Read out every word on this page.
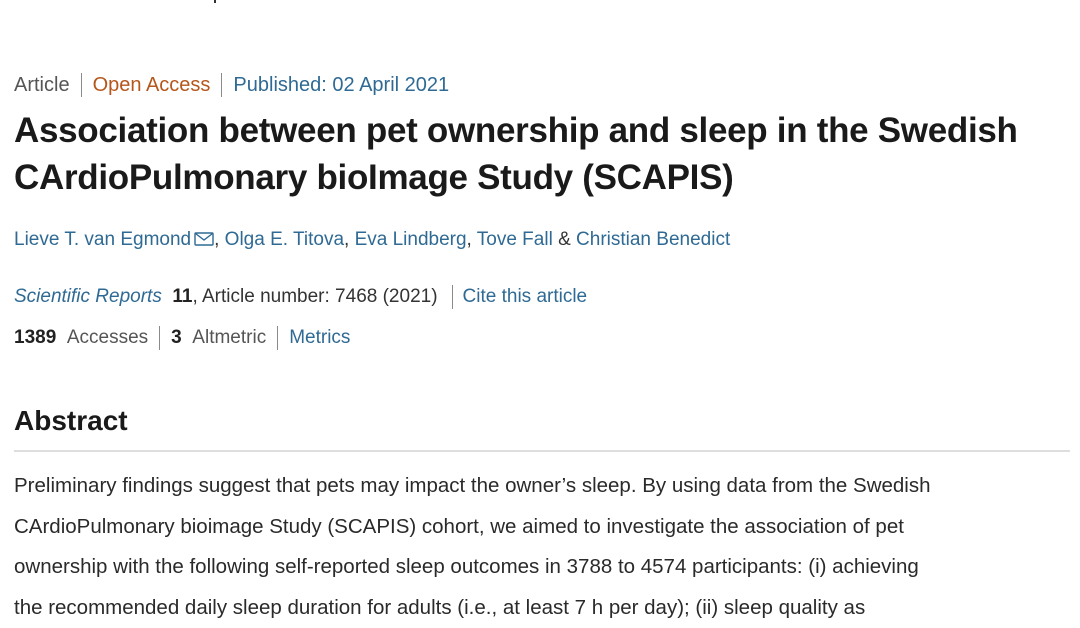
Article Open Access Published: 02 April 2021
Association between pet ownership and sleep in the Swedish CArdioPulmonary bioImage Study (SCAPIS)
Lieve T. van Egmond , Olga E. Titova, Eva Lindberg, Tove Fall & Christian Benedict
Scientific Reports 11, Article number: 7468 (2021) Cite this article
1389 Accesses 3 Altmetric Metrics
Abstract

Preliminary findings suggest that pets may impact the owner’s sleep. By using data from the Swedish
CArdioPulmonary bioimage Study (SCAPIS) cohort, we aimed to investigate the association of pet
ownership with the following self-reported sleep outcomes in 3788 to 4574 participants: (i) achieving
the recommended daily sleep duration for adults (i.e., at least 7 h per day); (ii) sleep quality as
